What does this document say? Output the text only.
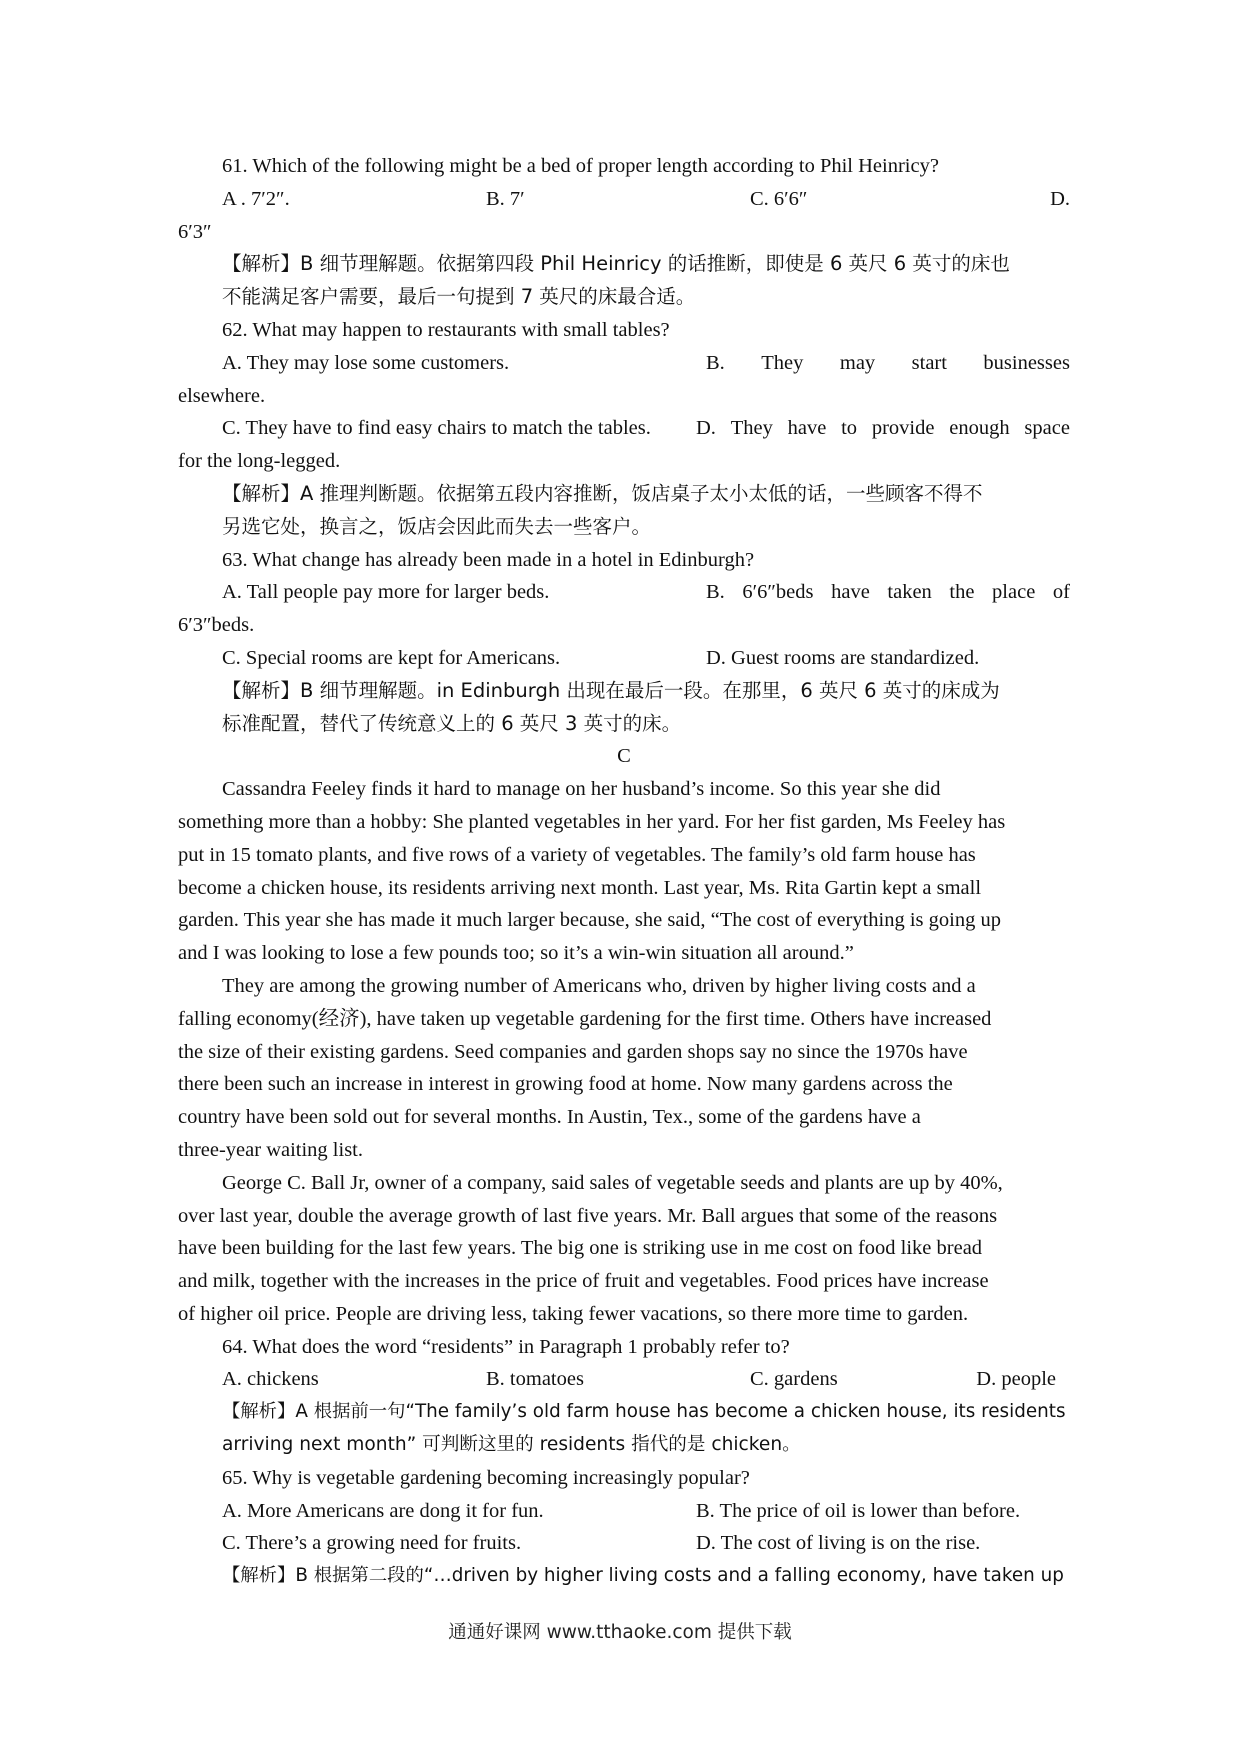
61. Which of the following might be a bed of proper length according to Phil Heinricy?
A . 7′2″.	B. 7′	C. 6′6″	D.
6′3″
【解析】B 细节理解题。依据第四段 Phil Heinricy 的话推断，即使是 6 英尺 6 英寸的床也
不能满足客户需要，最后一句提到 7 英尺的床最合适。
62. What may happen to restaurants with small tables?
A. They may lose some customers.	B. They may start businesses
elsewhere.
C. They have to find easy chairs to match the tables.	D. They have to provide enough space
for the long-legged.
【解析】A 推理判断题。依据第五段内容推断，饭店桌子太小太低的话，一些顾客不得不
另选它处，换言之，饭店会因此而失去一些客户。
63. What change has already been made in a hotel in Edinburgh?
A. Tall people pay more for larger beds.	B. 6′6″beds have taken the place of
6′3″beds.
C. Special rooms are kept for Americans.	D. Guest rooms are standardized.
【解析】B 细节理解题。in Edinburgh 出现在最后一段。在那里，6 英尺 6 英寸的床成为
标准配置，替代了传统意义上的 6 英尺 3 英寸的床。
C
Cassandra Feeley finds it hard to manage on her husband’s income. So this year she did
something more than a hobby: She planted vegetables in her yard. For her fist garden, Ms Feeley has
put in 15 tomato plants, and five rows of a variety of vegetables. The family’s old farm house has
become a chicken house, its residents arriving next month. Last year, Ms. Rita Gartin kept a small
garden. This year she has made it much larger because, she said, “The cost of everything is going up
and I was looking to lose a few pounds too; so it’s a win-win situation all around.”
They are among the growing number of Americans who, driven by higher living costs and a
falling economy(经济), have taken up vegetable gardening for the first time. Others have increased
the size of their existing gardens. Seed companies and garden shops say no since the 1970s have
there been such an increase in interest in growing food at home. Now many gardens across the
country have been sold out for several months. In Austin, Tex., some of the gardens have a
three-year waiting list.
George C. Ball Jr, owner of a company, said sales of vegetable seeds and plants are up by 40%,
over last year, double the average growth of last five years. Mr. Ball argues that some of the reasons
have been building for the last few years. The big one is striking use in me cost on food like bread
and milk, together with the increases in the price of fruit and vegetables. Food prices have increase
of higher oil price. People are driving less, taking fewer vacations, so there more time to garden.
64. What does the word “residents” in Paragraph 1 probably refer to?
A. chickens	B. tomatoes	C. gardens	D. people
【解析】A 根据前一句“The family’s old farm house has become a chicken house, its residents
arriving next month” 可判断这里的 residents 指代的是 chicken。
65. Why is vegetable gardening becoming increasingly popular?
A. More Americans are dong it for fun.	B. The price of oil is lower than before.
C. There’s a growing need for fruits.	D. The cost of living is on the rise.
【解析】B 根据第二段的“…driven by higher living costs and a falling economy, have taken up
通通好课网 www.tthaoke.com 提供下载
